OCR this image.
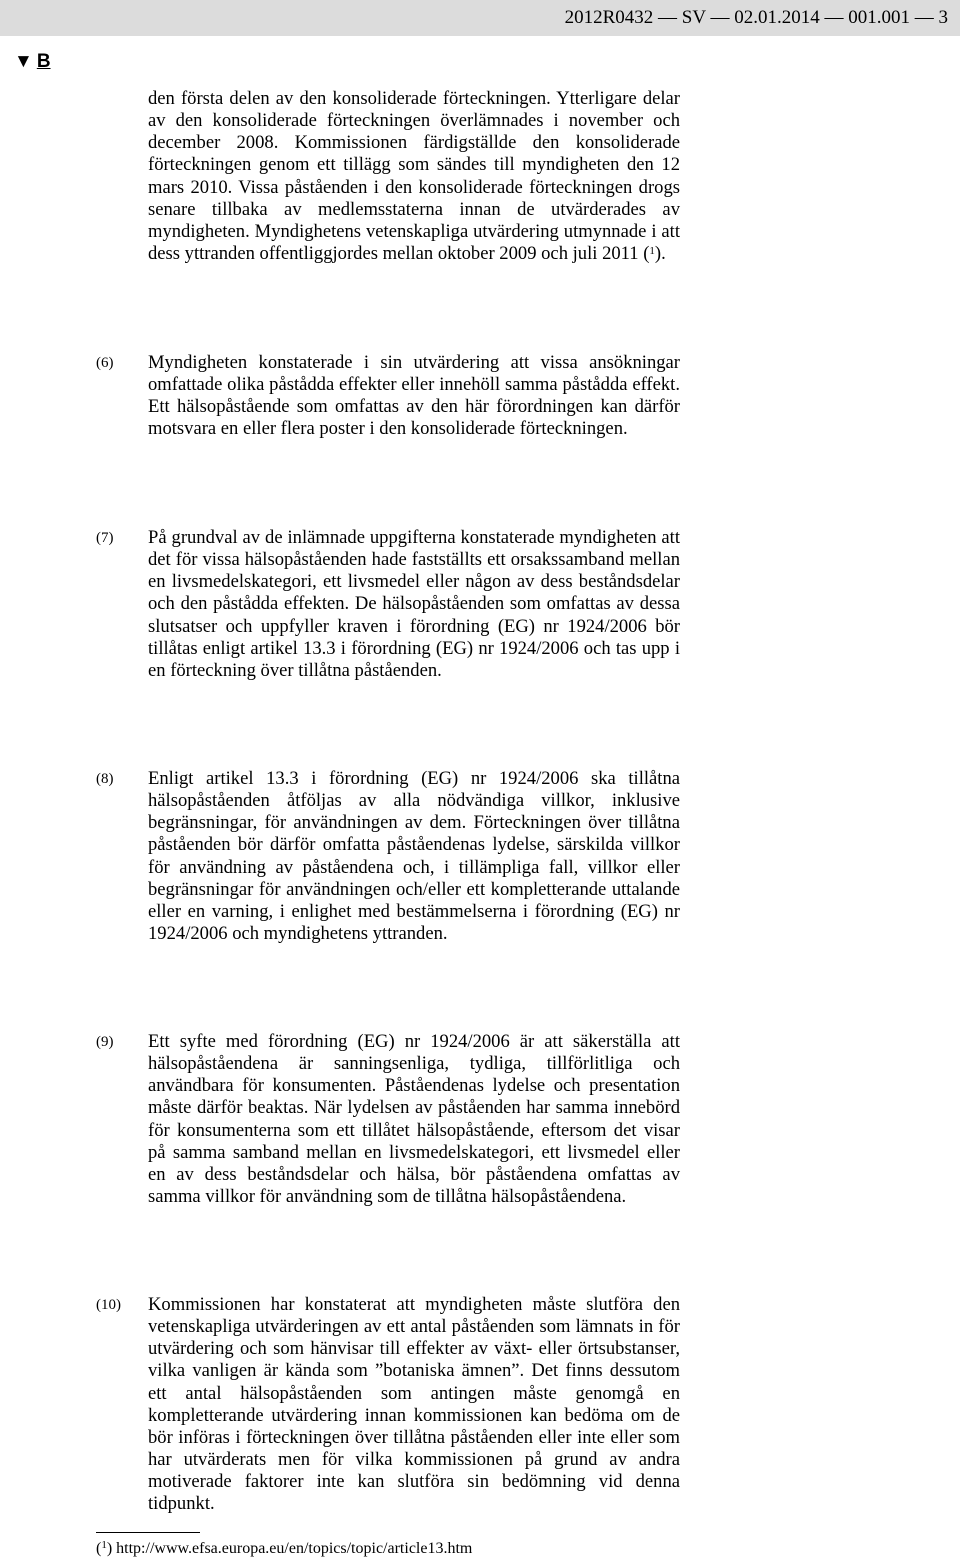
2012R0432 — SV — 02.01.2014 — 001.001 — 3
▼ B

den första delen av den konsoliderade förteckningen. Ytterligare delar av den konsoliderade förteckningen överlämnades i november och december 2008. Kommissionen färdigställde den konsoliderade förteckningen genom ett tillägg som sändes till myndigheten den 12 mars 2010. Vissa påståenden i den konsoliderade förteckningen drogs senare tillbaka av medlemsstaterna innan de utvärderades av myndigheten. Myndighetens vetenskapliga utvärdering utmynnade i att dess yttranden offentliggjordes mellan oktober 2009 och juli 2011 ($^1$).

(6) Myndigheten konstaterade i sin utvärdering att vissa ansökningar omfattade olika påstådda effekter eller innehöll samma påstådda effekt. Ett hälsopåstående som omfattas av den här förordningen kan därför motsvara en eller flera poster i den konsoliderade förteckningen.

(7) På grundval av de inlämnade uppgifterna konstaterade myndigheten att det för vissa hälsopåståenden hade fastställts ett orsakssamband mellan en livsmedelskategori, ett livsmedel eller någon av dess beståndsdelar och den påstådda effekten. De hälsopåståenden som omfattas av dessa slutsatser och uppfyller kraven i förordning (EG) nr 1924/2006 bör tillåtas enligt artikel 13.3 i förordning (EG) nr 1924/2006 och tas upp i en förteckning över tillåtna påståenden.

(8) Enligt artikel 13.3 i förordning (EG) nr 1924/2006 ska tillåtna hälsopåståenden åtföljas av alla nödvändiga villkor, inklusive begränsningar, för användningen av dem. Förteckningen över tillåtna påståenden bör därför omfatta påståendenas lydelse, särskilda villkor för användning av påståendena och, i tillämpliga fall, villkor eller begränsningar för användningen och/eller ett kompletterande uttalande eller en varning, i enlighet med bestämmelserna i förordning (EG) nr 1924/2006 och myndighetens yttranden.

(9) Ett syfte med förordning (EG) nr 1924/2006 är att säkerställa att hälsopåståendena är sanningsenliga, tydliga, tillförlitliga och användbara för konsumenten. Påståendenas lydelse och presentation måste därför beaktas. När lydelsen av påståenden har samma innebörd för konsumenterna som ett tillåtet hälsopåstående, eftersom det visar på samma samband mellan en livsmedelskategori, ett livsmedel eller en av dess beståndsdelar och hälsa, bör påståendena omfattas av samma villkor för användning som de tillåtna hälsopåståendena.

(10) Kommissionen har konstaterat att myndigheten måste slutföra den vetenskapliga utvärderingen av ett antal påståenden som lämnats in för utvärdering och som hänvisar till effekter av växt- eller örtsubstanser, vilka vanligen är kända som ”botaniska ämnen”. Det finns dessutom ett antal hälsopåståenden som antingen måste genomgå en kompletterande utvärdering innan kommissionen kan bedöma om de bör införas i förteckningen över tillåtna påståenden eller inte eller som har utvärderats men för vilka kommissionen på grund av andra motiverade faktorer inte kan slutföra sin bedömning vid denna tidpunkt.

($^1$) http://www.efsa.europa.eu/en/topics/topic/article13.htm
